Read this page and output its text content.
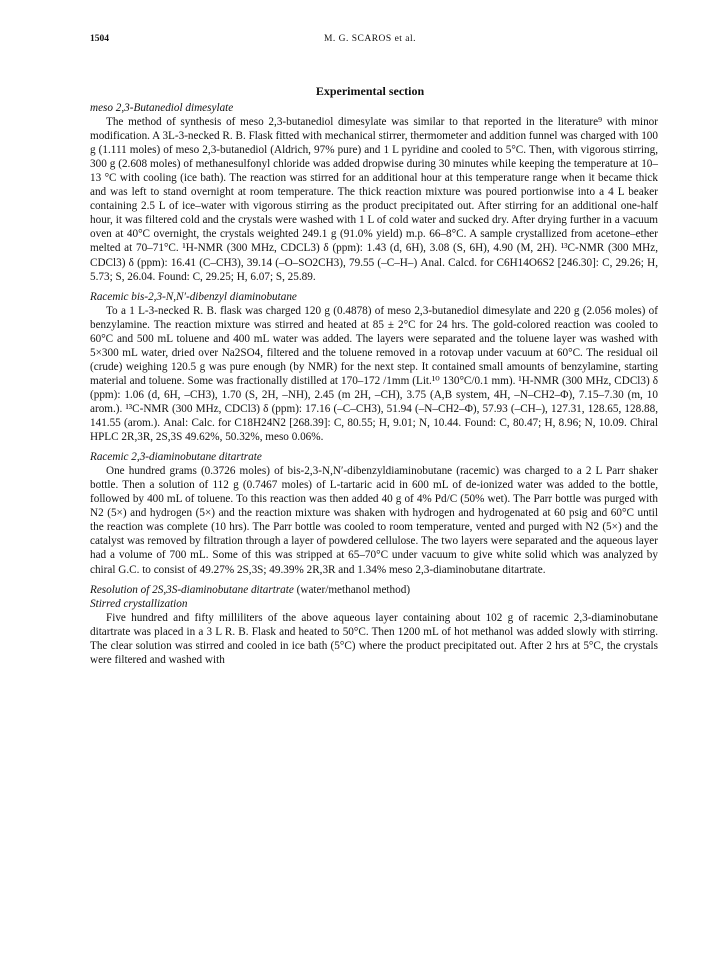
1504	M. G. SCAROS et al.
Experimental section

meso 2,3-Butanediol dimesylate

The method of synthesis of meso 2,3-butanediol dimesylate was similar to that reported in the literature⁹ with minor modification. A 3L-3-necked R. B. Flask fitted with mechanical stirrer, thermometer and addition funnel was charged with 100 g (1.111 moles) of meso 2,3-butanediol (Aldrich, 97% pure) and 1 L pyridine and cooled to 5°C. Then, with vigorous stirring, 300 g (2.608 moles) of methanesulfonyl chloride was added dropwise during 30 minutes while keeping the temperature at 10–13 °C with cooling (ice bath). The reaction was stirred for an additional hour at this temperature range when it became thick and was left to stand overnight at room temperature. The thick reaction mixture was poured portionwise into a 4 L beaker containing 2.5 L of ice–water with vigorous stirring as the product precipitated out. After stirring for an additional one-half hour, it was filtered cold and the crystals were washed with 1 L of cold water and sucked dry. After drying further in a vacuum oven at 40°C overnight, the crystals weighted 249.1 g (91.0% yield) m.p. 66–8°C. A sample crystallized from acetone–ether melted at 70–71°C. ¹H-NMR (300 MHz, CDCL3) δ (ppm): 1.43 (d, 6H), 3.08 (S, 6H), 4.90 (M, 2H). ¹³C-NMR (300 MHz, CDCl3) δ (ppm): 16.41 (C–CH3), 39.14 (–O–SO2CH3), 79.55 (–C–H–) Anal. Calcd. for C6H14O6S2 [246.30]: C, 29.26; H, 5.73; S, 26.04. Found: C, 29.25; H, 6.07; S, 25.89.

Racemic bis-2,3-N,N′-dibenzyl diaminobutane

To a 1 L-3-necked R. B. flask was charged 120 g (0.4878) of meso 2,3-butanediol dimesylate and 220 g (2.056 moles) of benzylamine. The reaction mixture was stirred and heated at 85 ± 2°C for 24 hrs. The gold-colored reaction was cooled to 60°C and 500 mL toluene and 400 mL water was added. The layers were separated and the toluene layer was washed with 5×300 mL water, dried over Na2SO4, filtered and the toluene removed in a rotovap under vacuum at 60°C. The residual oil (crude) weighing 120.5 g was pure enough (by NMR) for the next step. It contained small amounts of benzylamine, starting material and toluene. Some was fractionally distilled at 170–172 /1mm (Lit.¹⁰ 130°C/0.1 mm). ¹H-NMR (300 MHz, CDCl3) δ (ppm): 1.06 (d, 6H, –CH3), 1.70 (S, 2H, –NH), 2.45 (m 2H, –CH), 3.75 (A,B system, 4H, –N–CH2–Φ), 7.15–7.30 (m, 10 arom.). ¹³C-NMR (300 MHz, CDCl3) δ (ppm): 17.16 (–C–CH3), 51.94 (–N–CH2–Φ), 57.93 (–CH–), 127.31, 128.65, 128.88, 141.55 (arom.). Anal: Calc. for C18H24N2 [268.39]: C, 80.55; H, 9.01; N, 10.44. Found: C, 80.47; H, 8.96; N, 10.09. Chiral HPLC 2R,3R, 2S,3S 49.62%, 50.32%, meso 0.06%.

Racemic 2,3-diaminobutane ditartrate

One hundred grams (0.3726 moles) of bis-2,3-N,N′-dibenzyldiaminobutane (racemic) was charged to a 2 L Parr shaker bottle. Then a solution of 112 g (0.7467 moles) of L-tartaric acid in 600 mL of de-ionized water was added to the bottle, followed by 400 mL of toluene. To this reaction was then added 40 g of 4% Pd/C (50% wet). The Parr bottle was purged with N2 (5×) and hydrogen (5×) and the reaction mixture was shaken with hydrogen and hydrogenated at 60 psig and 60°C until the reaction was complete (10 hrs). The Parr bottle was cooled to room temperature, vented and purged with N2 (5×) and the catalyst was removed by filtration through a layer of powdered cellulose. The two layers were separated and the aqueous layer had a volume of 700 mL. Some of this was stripped at 65–70°C under vacuum to give white solid which was analyzed by chiral G.C. to consist of 49.27% 2S,3S; 49.39% 2R,3R and 1.34% meso 2,3-diaminobutane ditartrate.

Resolution of 2S,3S-diaminobutane ditartrate (water/methanol method)

Stirred crystallization

Five hundred and fifty milliliters of the above aqueous layer containing about 102 g of racemic 2,3-diaminobutane ditartrate was placed in a 3 L R. B. Flask and heated to 50°C. Then 1200 mL of hot methanol was added slowly with stirring. The clear solution was stirred and cooled in ice bath (5°C) where the product precipitated out. After 2 hrs at 5°C, the crystals were filtered and washed with
